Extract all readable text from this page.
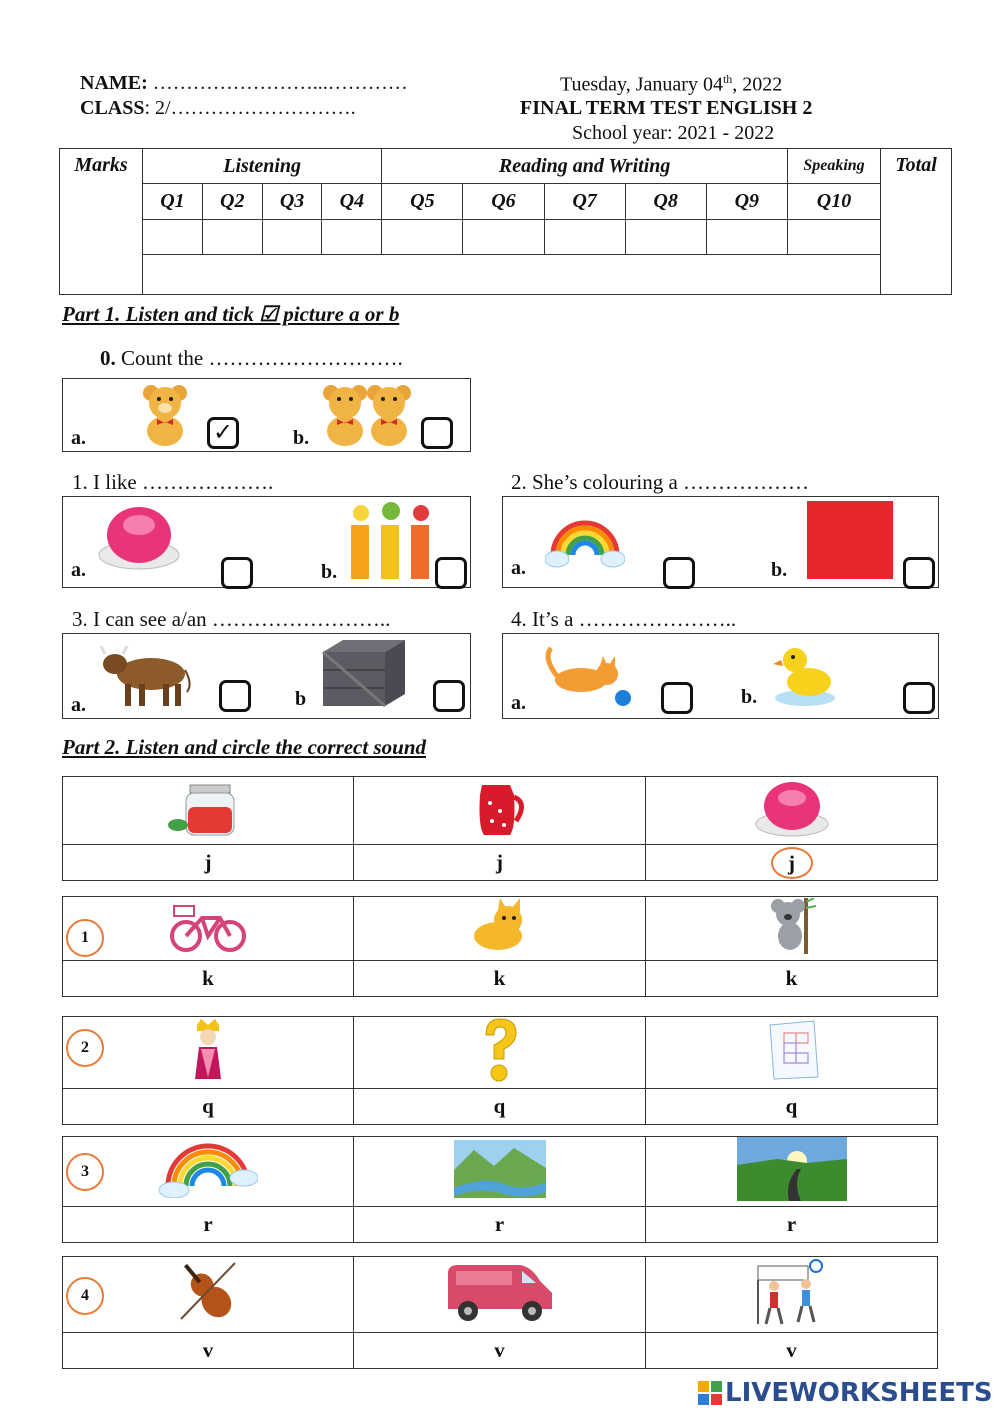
NAME: ……………………...…………
CLASS: 2/……………………….
Tuesday, January 04th, 2022
FINAL TERM TEST ENGLISH 2
School year: 2021 - 2022
Marks	Listening				Reading and Writing					Speaking	Total
	Q1	Q2	Q3	Q4	Q5	Q6	Q7	Q8	Q9	Q10	

Part 1. Listen and tick ☑ picture a or b
0. Count the ……………………….
a.	✓	b.
1. I like ……………….
a.	b.
2. She’s colouring a ………………
a.	b.
3. I can see a/an ……………………..
a.	b
4. It’s a …………………..
a.	b.
Part 2. Listen and circle the correct sound

j	j	j

k	k	k
1

q	q	q
2

r	r	r
3

v	v	v
4
LIVEWORKSHEETS
